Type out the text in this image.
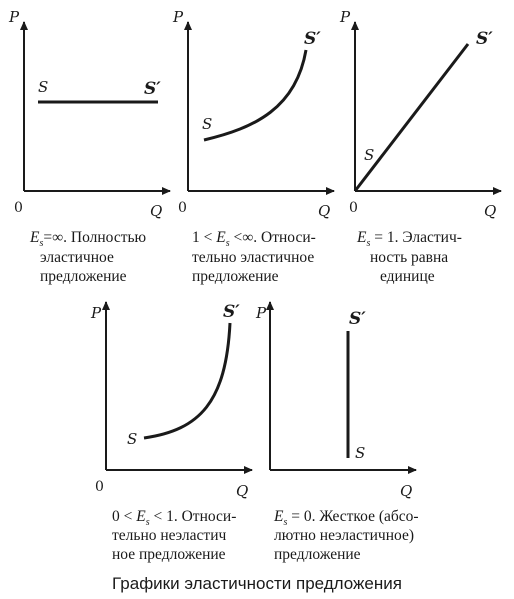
P
Q
0
S	S′
P
Q
0
S
S′
P
Q
0
S
S′
P
Q
0
S
S′ P
Q
S′
S
$E_s=\infty$. Полностью
эластичное
предложение
$1 < E_s$ <∞. Относи-
тельно эластичное
предложение
$E_s = 1$. Эластич-
ность равна
единице
$0 < E_s < 1$. Относи-
тельно неэластич
ное предложение
$E_s = 0$. Жесткое (абсо-
лютно неэластичное)
предложение
Графики эластичности предложения
